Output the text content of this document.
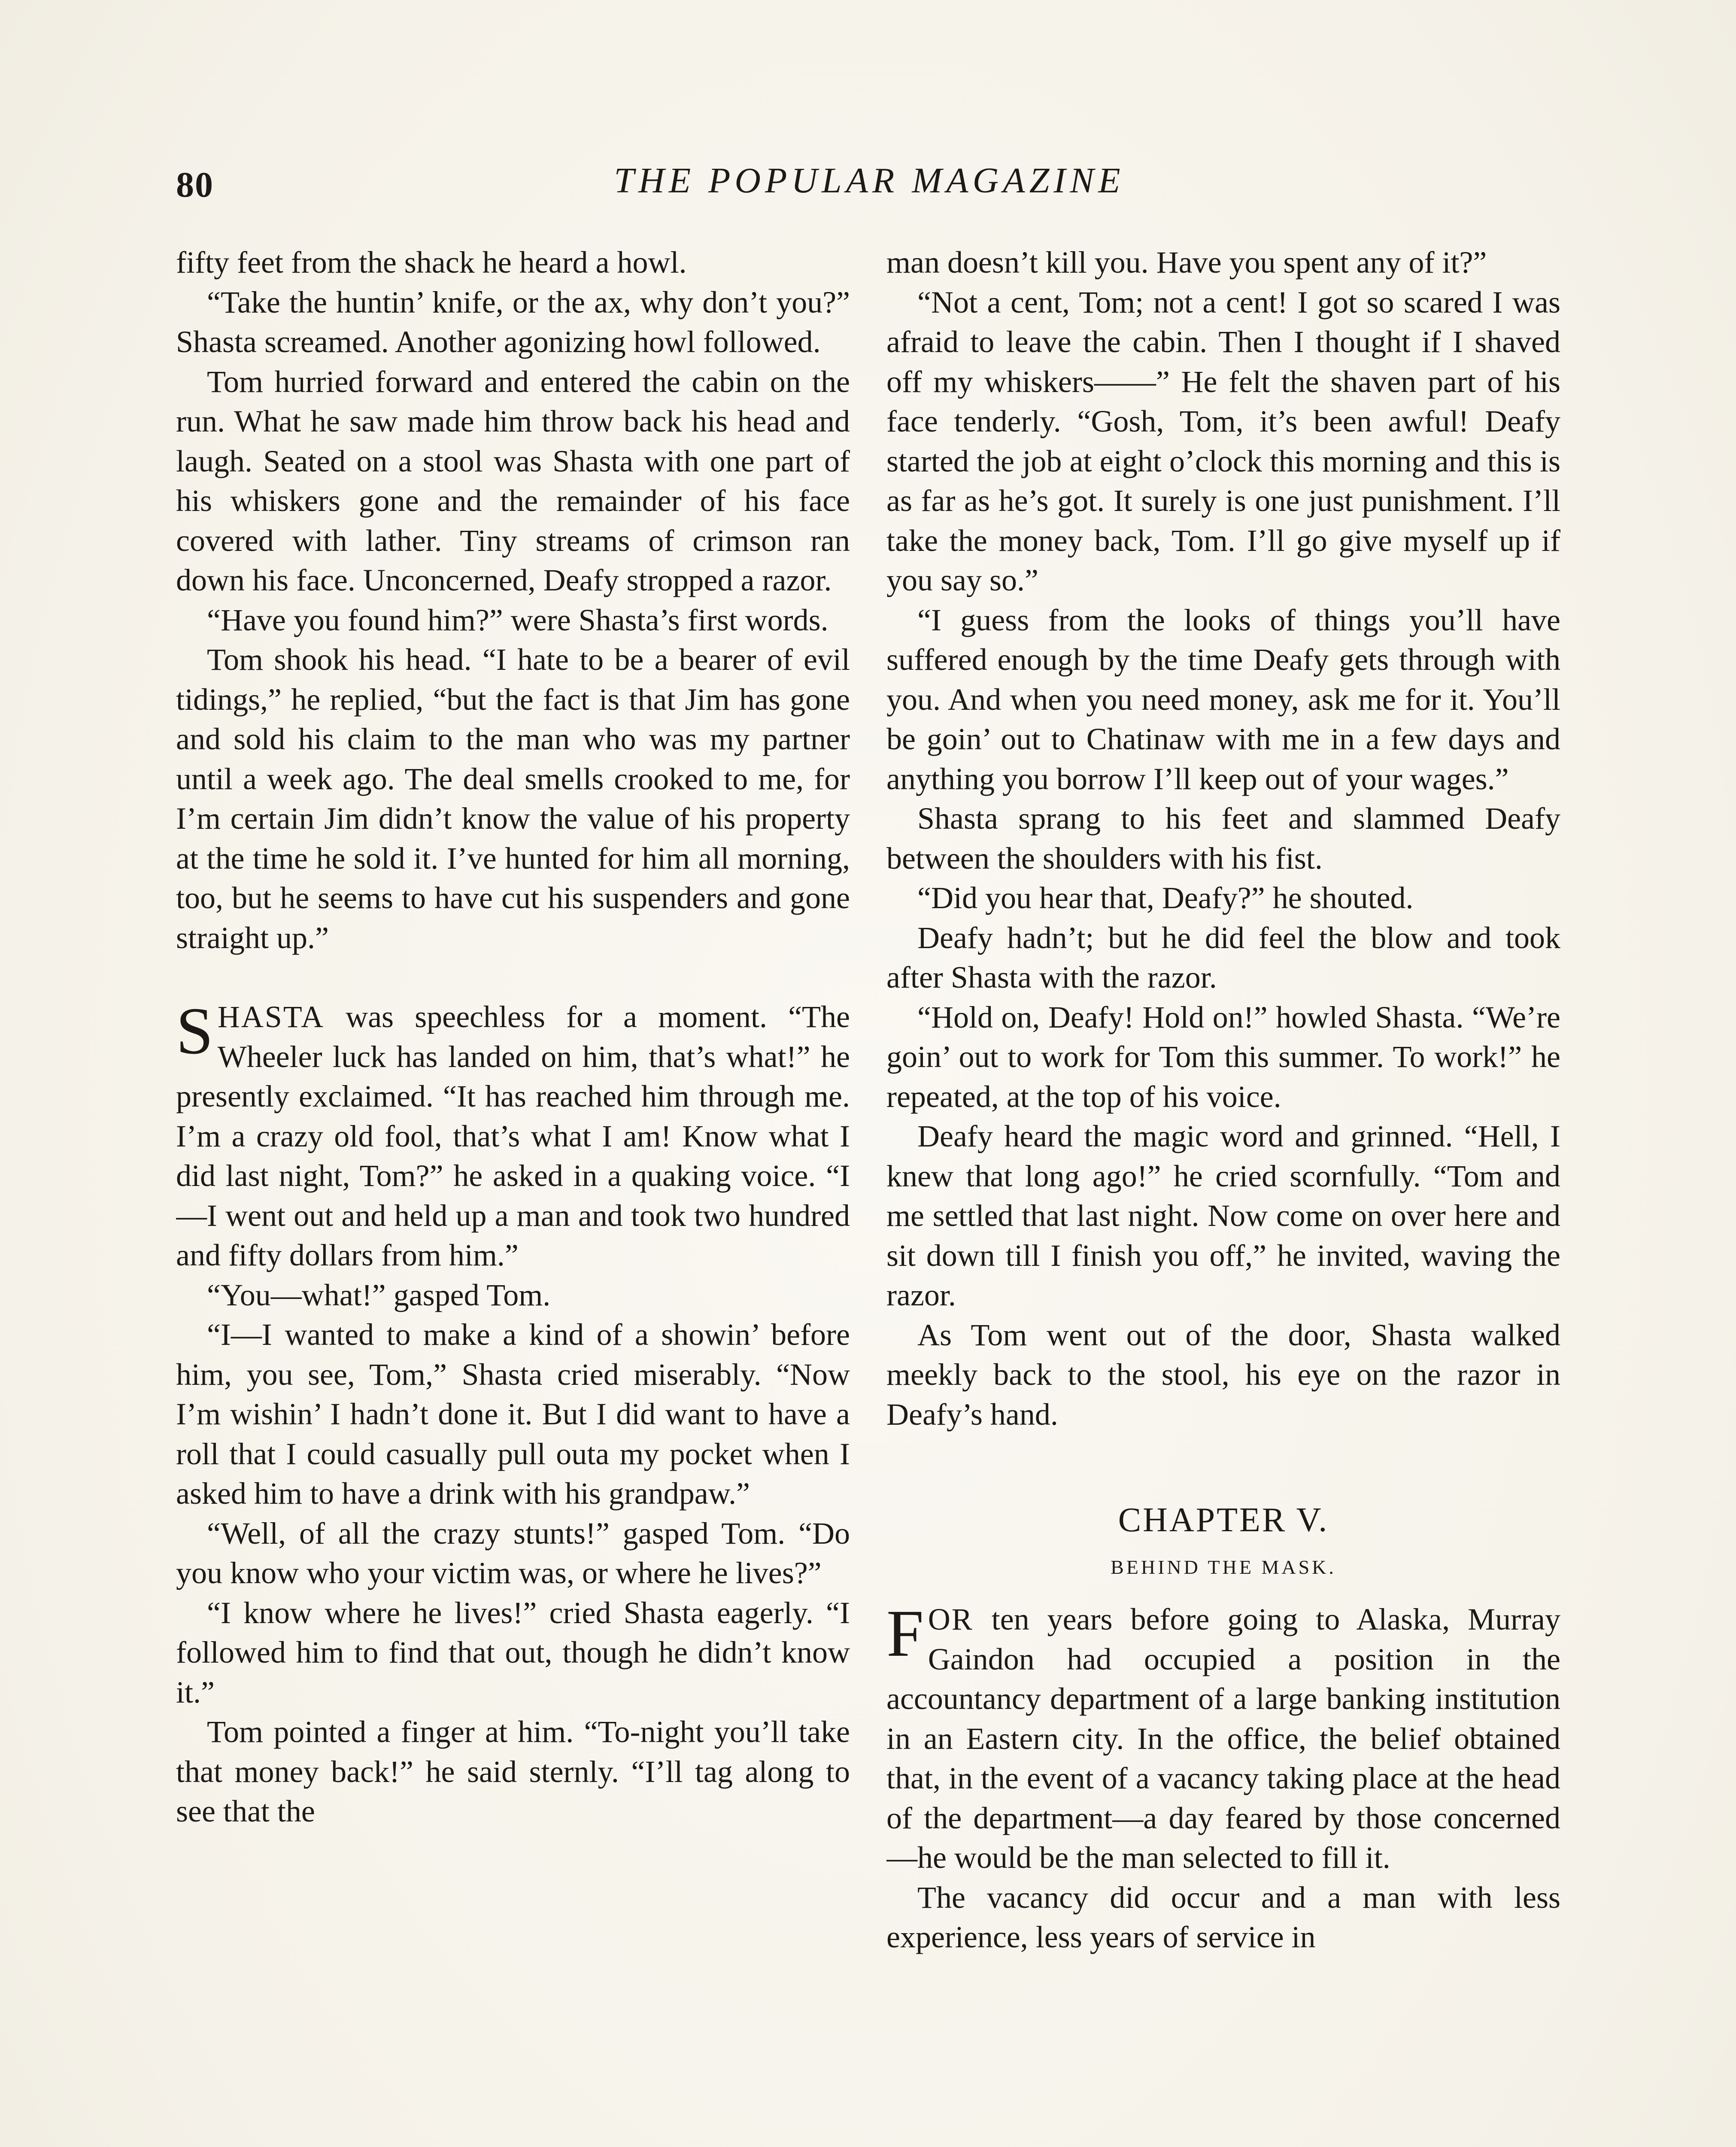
80	THE POPULAR MAGAZINE

fifty feet from the shack he heard a howl.

“Take the huntin’ knife, or the ax, why don’t you?” Shasta screamed. Another agonizing howl followed.

Tom hurried forward and entered the cabin on the run. What he saw made him throw back his head and laugh. Seated on a stool was Shasta with one part of his whiskers gone and the remainder of his face covered with lather. Tiny streams of crimson ran down his face. Unconcerned, Deafy stropped a razor.

“Have you found him?” were Shasta’s first words.

Tom shook his head. “I hate to be a bearer of evil tidings,” he replied, “but the fact is that Jim has gone and sold his claim to the man who was my partner until a week ago. The deal smells crooked to me, for I’m certain Jim didn’t know the value of his property at the time he sold it. I’ve hunted for him all morning, too, but he seems to have cut his suspenders and gone straight up.”

SHASTA was speechless for a moment. “The Wheeler luck has landed on him, that’s what!” he presently exclaimed. “It has reached him through me. I’m a crazy old fool, that’s what I am! Know what I did last night, Tom?” he asked in a quaking voice. “I—I went out and held up a man and took two hundred and fifty dollars from him.”

“You—what!” gasped Tom.

“I—I wanted to make a kind of a showin’ before him, you see, Tom,” Shasta cried miserably. “Now I’m wishin’ I hadn’t done it. But I did want to have a roll that I could casually pull outa my pocket when I asked him to have a drink with his grandpaw.”

“Well, of all the crazy stunts!” gasped Tom. “Do you know who your victim was, or where he lives?”

“I know where he lives!” cried Shasta eagerly. “I followed him to find that out, though he didn’t know it.”

Tom pointed a finger at him. “To-night you’ll take that money back!” he said sternly. “I’ll tag along to see that the

man doesn’t kill you. Have you spent any of it?”

“Not a cent, Tom; not a cent! I got so scared I was afraid to leave the cabin. Then I thought if I shaved off my whiskers——” He felt the shaven part of his face tenderly. “Gosh, Tom, it’s been awful! Deafy started the job at eight o’clock this morning and this is as far as he’s got. It surely is one just punishment. I’ll take the money back, Tom. I’ll go give myself up if you say so.”

“I guess from the looks of things you’ll have suffered enough by the time Deafy gets through with you. And when you need money, ask me for it. You’ll be goin’ out to Chatinaw with me in a few days and anything you borrow I’ll keep out of your wages.”

Shasta sprang to his feet and slammed Deafy between the shoulders with his fist.

“Did you hear that, Deafy?” he shouted.

Deafy hadn’t; but he did feel the blow and took after Shasta with the razor.

“Hold on, Deafy! Hold on!” howled Shasta. “We’re goin’ out to work for Tom this summer. To work!” he repeated, at the top of his voice.

Deafy heard the magic word and grinned. “Hell, I knew that long ago!” he cried scornfully. “Tom and me settled that last night. Now come on over here and sit down till I finish you off,” he invited, waving the razor.

As Tom went out of the door, Shasta walked meekly back to the stool, his eye on the razor in Deafy’s hand.

CHAPTER V.
BEHIND THE MASK.

FOR ten years before going to Alaska, Murray Gaindon had occupied a position in the accountancy department of a large banking institution in an Eastern city. In the office, the belief obtained that, in the event of a vacancy taking place at the head of the department—a day feared by those concerned—he would be the man selected to fill it.

The vacancy did occur and a man with less experience, less years of service in
